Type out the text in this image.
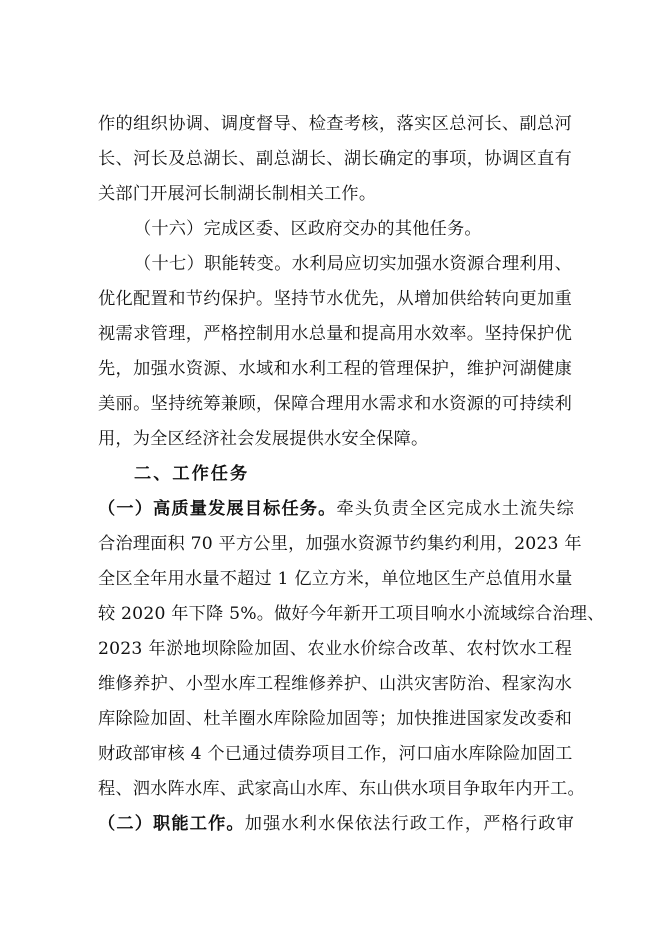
作的组织协调、调度督导、检查考核，落实区总河长、副总河
长、河长及总湖长、副总湖长、湖长确定的事项，协调区直有
关部门开展河长制湖长制相关工作。
（十六）完成区委、区政府交办的其他任务。
（十七）职能转变。水利局应切实加强水资源合理利用、
优化配置和节约保护。坚持节水优先，从增加供给转向更加重
视需求管理，严格控制用水总量和提高用水效率。坚持保护优
先，加强水资源、水域和水利工程的管理保护，维护河湖健康
美丽。坚持统筹兼顾，保障合理用水需求和水资源的可持续利
用，为全区经济社会发展提供水安全保障。
二、工作任务
（一）高质量发展目标任务。牵头负责全区完成水土流失综
合治理面积 70 平方公里，加强水资源节约集约利用，2023 年
全区全年用水量不超过 1 亿立方米，单位地区生产总值用水量
较 2020 年下降 5%。做好今年新开工项目响水小流域综合治理、
2023 年淤地坝除险加固、农业水价综合改革、农村饮水工程
维修养护、小型水库工程维修养护、山洪灾害防治、程家沟水
库除险加固、杜羊圈水库除险加固等；加快推进国家发改委和
财政部审核 4 个已通过债券项目工作，河口庙水库除险加固工
程、泗水阵水库、武家高山水库、东山供水项目争取年内开工。
（二）职能工作。加强水利水保依法行政工作，严格行政审
